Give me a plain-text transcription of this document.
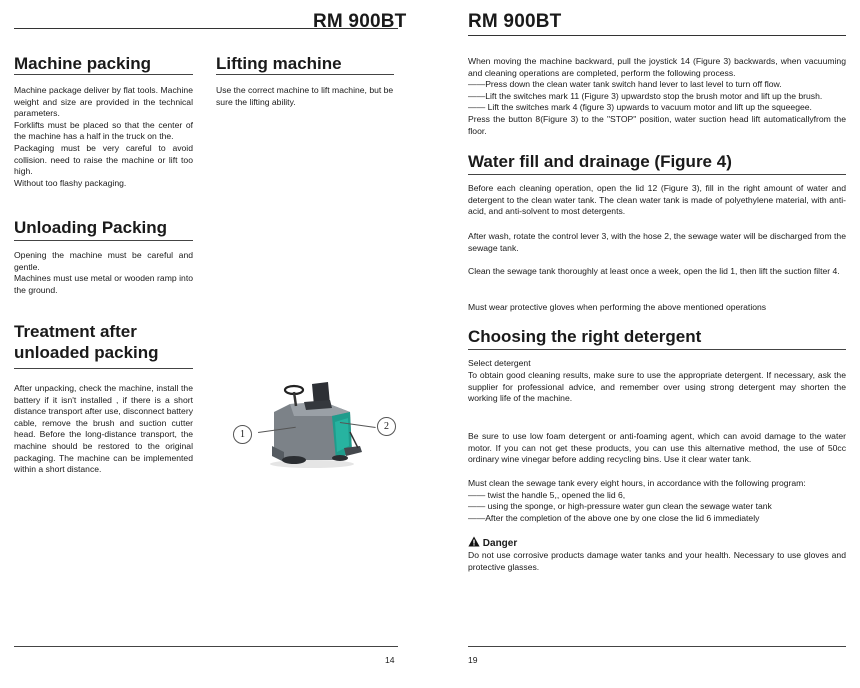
RM 900BT
Machine packing
Machine package deliver by flat tools. Machine weight and size are provided in the technical parameters.
Forklifts must be placed so that the center of the machine has a half in the truck on the.
Packaging must be very careful to avoid collision. need to raise the machine or lift too high.
Without too flashy packaging.
Lifting machine

Use the correct machine to lift machine, but be sure the lifting ability.

Unloading Packing
Opening the machine must be careful and gentle.
Machines must use metal or wooden ramp into the ground.
Treatment after
unloaded packing

After unpacking, check the machine, install the battery if it isn't installed , if there is a short distance transport after use, disconnect battery cable, remove the brush and suction cutter head. Before the long-distance transport, the machine should be restored to the original packaging. The machine can be implemented within a short distance.

1
2
14
RM 900BT
When moving the machine backward, pull the joystick 14 (Figure 3) backwards, when vacuuming and cleaning operations are completed, perform the following process.
——Press down the clean water tank switch hand lever to last level to turn off flow.
——Lift the switches mark 11 (Figure 3) upwardsto stop the brush motor and lift up the brush.
—— Lift the switches mark 4 (figure 3) upwards to vacuum motor and lift up the squeegee.
Press the button 8(Figure 3) to the "STOP" position, water suction head lift automaticallyfrom the floor.
Water fill and drainage (Figure 4)

Before each cleaning operation, open the lid 12 (Figure 3), fill in the right amount of water and detergent to the clean water tank. The clean water tank is made of polyethylene material, with anti-acid, and anti-solvent to most detergents.

After wash, rotate the control lever 3, with the hose 2, the sewage water will be discharged from the sewage tank.

Clean the sewage tank thoroughly at least once a week, open the lid 1, then lift the suction filter 4.

Must wear protective gloves when performing the above mentioned operations

Choosing the right detergent

Select detergent

To obtain good cleaning results, make sure to use the appropriate detergent. If necessary, ask the supplier for professional advice, and remember over using strong detergent may shorten the working life of the machine.

Be sure to use low foam detergent or anti-foaming agent, which can avoid damage to the water motor. If you can not get these products, you can use this alternative method, the use of 50cc ordinary wine vinegar before adding recycling bins. Use it clear water tank.

Must clean the sewage tank every eight hours, in accordance with the following program:
—— twist the handle 5,, opened the lid 6,
—— using the sponge, or high-pressure water gun clean the sewage water tank
——After the completion of the above one by one close the lid 6 immediately
Danger

Do not use corrosive products damage water tanks and your health. Necessary to use gloves and protective glasses.

19
